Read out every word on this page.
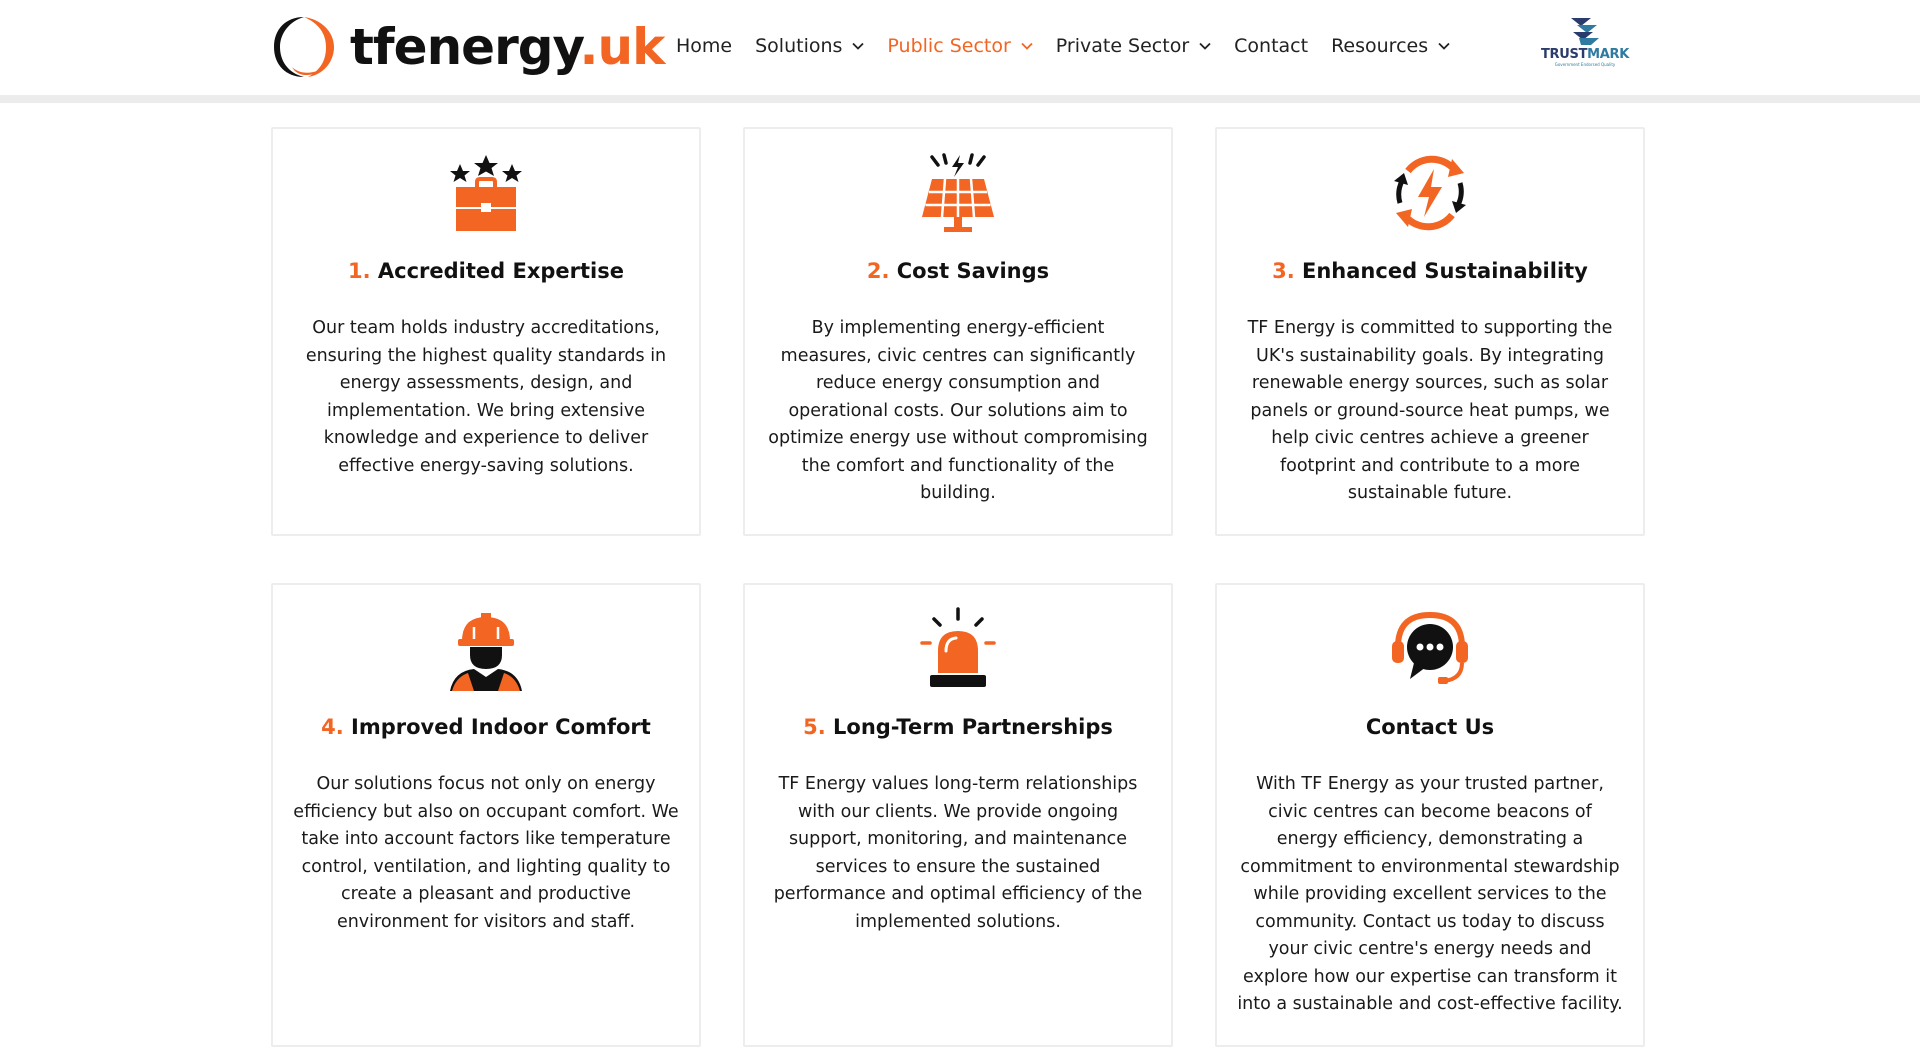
tfenergy.uk Home Solutions Public Sector Private Sector Contact Resources	TRUSTMARK
Government Endorsed Quality
1. Accredited Expertise
Our team holds industry accreditations, ensuring the highest quality standards in energy assessments, design, and implementation. We bring extensive knowledge and experience to deliver effective energy-saving solutions.
2. Cost Savings
By implementing energy-efficient measures, civic centres can significantly reduce energy consumption and operational costs. Our solutions aim to optimize energy use without compromising the comfort and functionality of the building.
3. Enhanced Sustainability
TF Energy is committed to supporting the UK's sustainability goals. By integrating renewable energy sources, such as solar panels or ground-source heat pumps, we help civic centres achieve a greener footprint and contribute to a more sustainable future.
4. Improved Indoor Comfort
Our solutions focus not only on energy efficiency but also on occupant comfort. We take into account factors like temperature control, ventilation, and lighting quality to create a pleasant and productive environment for visitors and staff.
5. Long-Term Partnerships
TF Energy values long-term relationships with our clients. We provide ongoing support, monitoring, and maintenance services to ensure the sustained performance and optimal efficiency of the implemented solutions.
Contact Us
With TF Energy as your trusted partner, civic centres can become beacons of energy efficiency, demonstrating a commitment to environmental stewardship while providing excellent services to the community. Contact us today to discuss your civic centre's energy needs and explore how our expertise can transform it into a sustainable and cost-effective facility.
